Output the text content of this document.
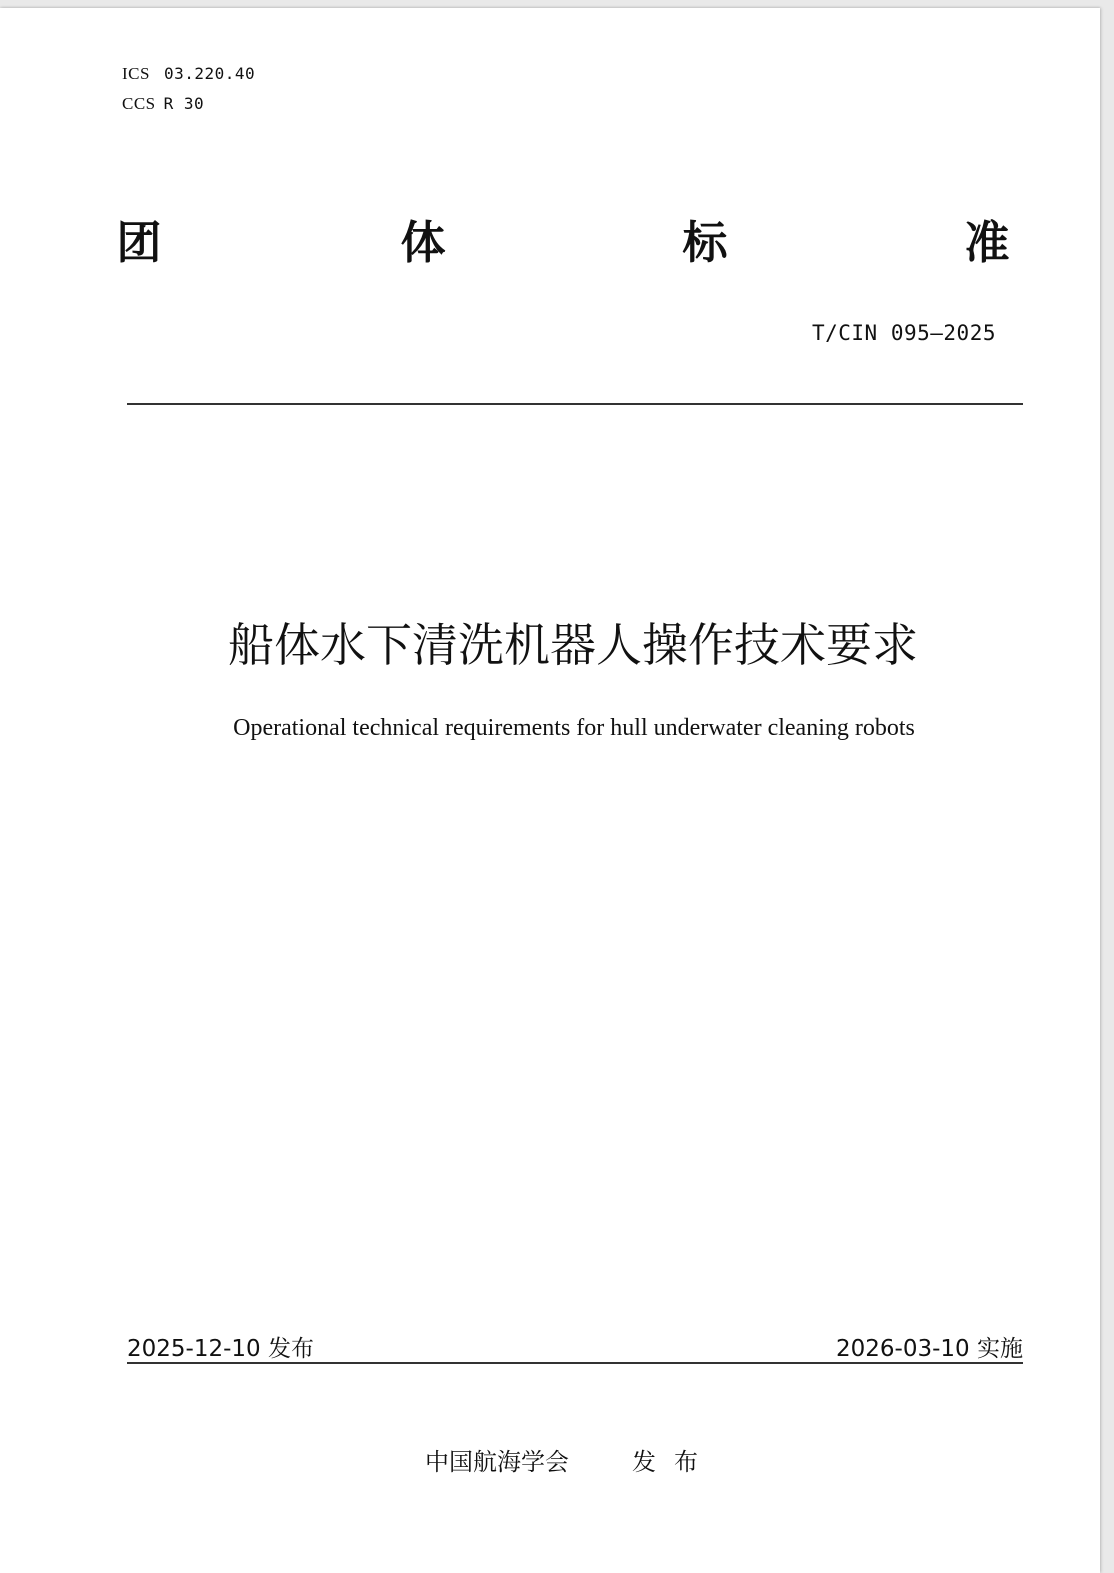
ICS 03.220.40
CCS R 30
团	体	标	准
T/CIN 095—2025
船体水下清洗机器人操作技术要求
Operational technical requirements for hull underwater cleaning robots
2025-12-10 发布	2026-03-10 实施
中国航海学会	发布
